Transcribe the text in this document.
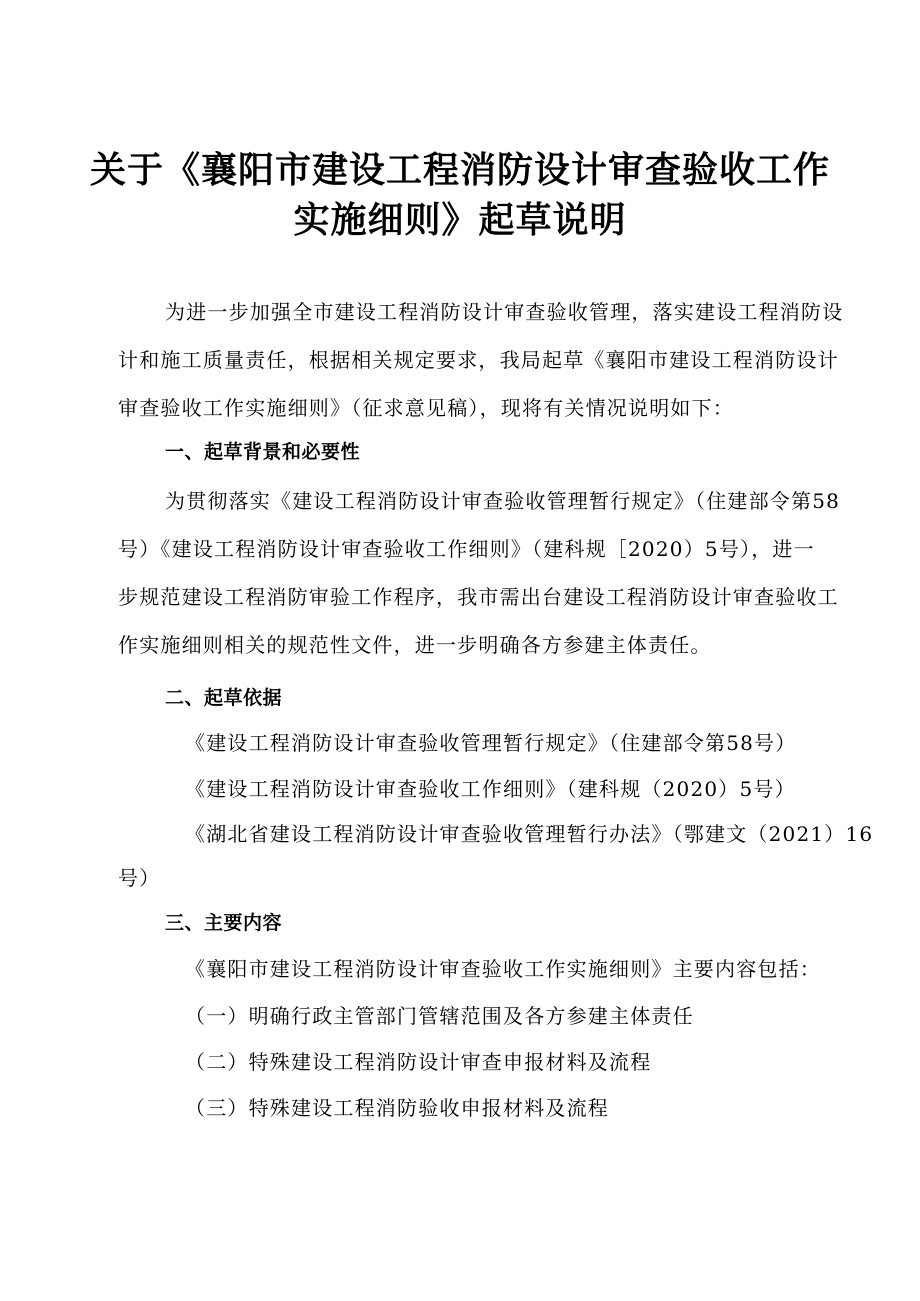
关于《襄阳市建设工程消防设计审查验收工作
实施细则》起草说明

为进一步加强全市建设工程消防设计审查验收管理，落实建设工程消防设

计和施工质量责任，根据相关规定要求，我局起草《襄阳市建设工程消防设计

审查验收工作实施细则》（征求意见稿），现将有关情况说明如下：

一、起草背景和必要性

为贯彻落实《建设工程消防设计审查验收管理暂行规定》（住建部令第58

号）《建设工程消防设计审查验收工作细则》（建科规［2020）5号），进一

步规范建设工程消防审验工作程序，我市需出台建设工程消防设计审查验收工

作实施细则相关的规范性文件，进一步明确各方参建主体责任。

二、起草依据

《建设工程消防设计审查验收管理暂行规定》（住建部令第58号）

《建设工程消防设计审查验收工作细则》（建科规（2020）5号）

《湖北省建设工程消防设计审查验收管理暂行办法》（鄂建文（2021）16

号）

三、主要内容

《襄阳市建设工程消防设计审查验收工作实施细则》主要内容包括：

（一）明确行政主管部门管辖范围及各方参建主体责任

（二）特殊建设工程消防设计审查申报材料及流程

（三）特殊建设工程消防验收申报材料及流程
